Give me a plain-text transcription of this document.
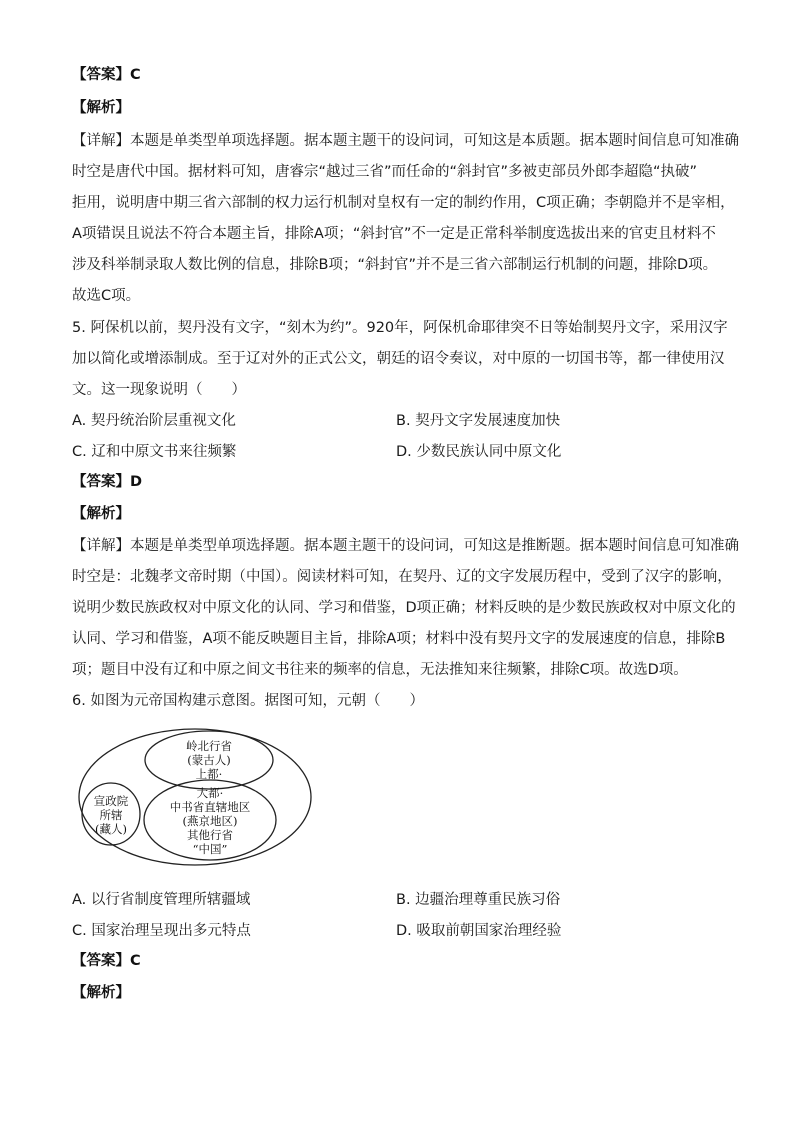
【答案】C
【解析】
【详解】本题是单类型单项选择题。据本题主题干的设问词，可知这是本质题。据本题时间信息可知准确
时空是唐代中国。据材料可知，唐睿宗“越过三省”而任命的“斜封官”多被吏部员外郎李超隐“执破”
拒用，说明唐中期三省六部制的权力运行机制对皇权有一定的制约作用，C项正确；李朝隐并不是宰相，
A项错误且说法不符合本题主旨，排除A项；“斜封官”不一定是正常科举制度选拔出来的官吏且材料不
涉及科举制录取人数比例的信息，排除B项；“斜封官”并不是三省六部制运行机制的问题，排除D项。
故选C项。
5. 阿保机以前，契丹没有文字，“刻木为约”。920年，阿保机命耶律突不日等始制契丹文字，采用汉字
加以简化或增添制成。至于辽对外的正式公文，朝廷的诏令奏议，对中原的一切国书等，都一律使用汉
文。这一现象说明（　　）
A. 契丹统治阶层重视文化	B. 契丹文字发展速度加快
C. 辽和中原文书来往频繁	D. 少数民族认同中原文化
【答案】D
【解析】
【详解】本题是单类型单项选择题。据本题主题干的设问词，可知这是推断题。据本题时间信息可知准确
时空是：北魏孝文帝时期（中国）。阅读材料可知，在契丹、辽的文字发展历程中，受到了汉字的影响，
说明少数民族政权对中原文化的认同、学习和借鉴，D项正确；材料反映的是少数民族政权对中原文化的
认同、学习和借鉴，A项不能反映题目主旨，排除A项；材料中没有契丹文字的发展速度的信息，排除B
项；题目中没有辽和中原之间文书往来的频率的信息，无法推知来往频繁，排除C项。故选D项。
6. 如图为元帝国构建示意图。据图可知，元朝（　　）
岭北行省
(蒙古人)
上都·
宣政院
所辖
(藏人)
大都·
中书省直辖地区
(燕京地区)
其他行省
“中国”
A. 以行省制度管理所辖疆域	B. 边疆治理尊重民族习俗
C. 国家治理呈现出多元特点	D. 吸取前朝国家治理经验
【答案】C
【解析】
